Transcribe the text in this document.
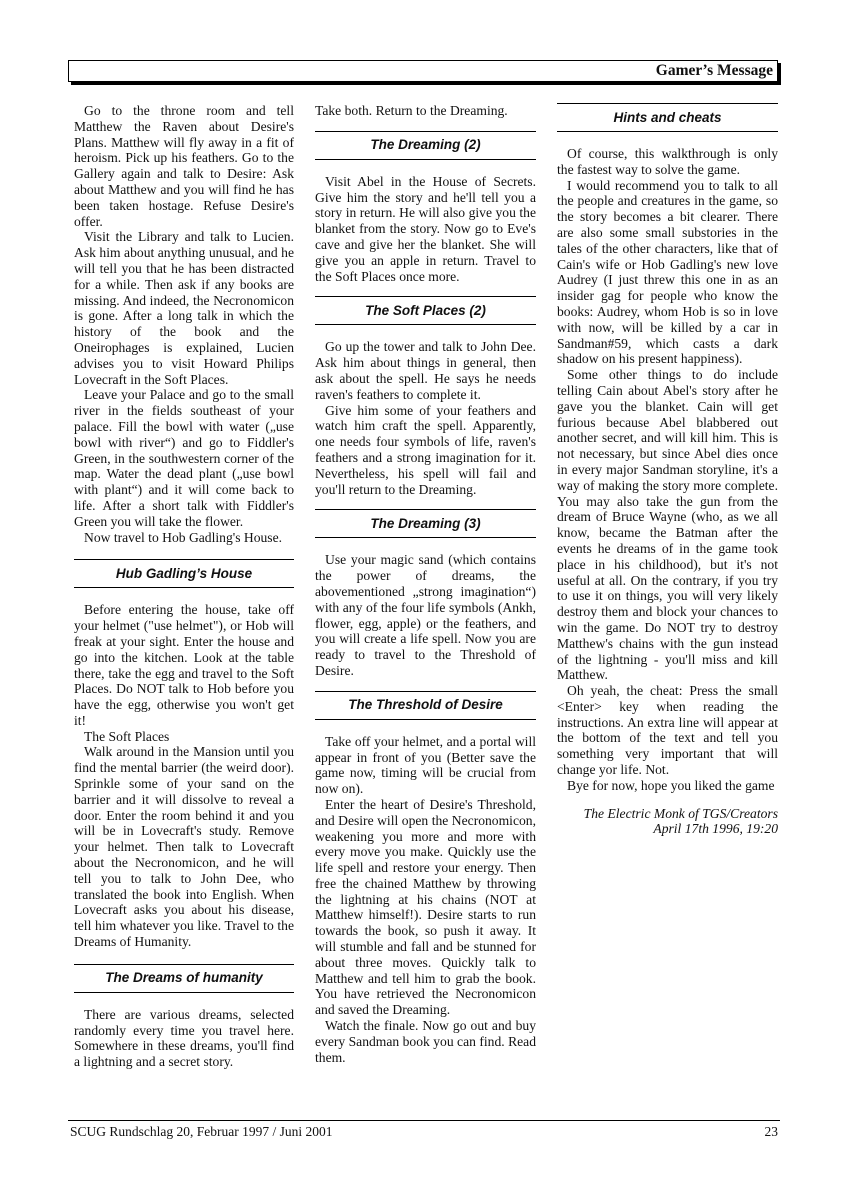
Gamer’s Message

Go to the throne room and tell Matthew the Raven about Desire's Plans. Matthew will fly away in a fit of heroism. Pick up his feathers. Go to the Gallery again and talk to Desire: Ask about Matthew and you will find he has been taken hostage. Refuse Desire's offer.

Visit the Library and talk to Lucien. Ask him about anything unusual, and he will tell you that he has been distracted for a while. Then ask if any books are missing. And indeed, the Necronomicon is gone. After a long talk in which the history of the book and the Oneirophages is explained, Lucien advises you to visit Howard Philips Lovecraft in the Soft Places.

Leave your Palace and go to the small river in the fields southeast of your palace. Fill the bowl with water („use bowl with river“) and go to Fiddler's Green, in the southwestern corner of the map. Water the dead plant („use bowl with plant“) and it will come back to life. After a short talk with Fiddler's Green you will take the flower.

Now travel to Hob Gadling's House.

Hub Gadling’s House

Before entering the house, take off your helmet ("use helmet"), or Hob will freak at your sight. Enter the house and go into the kitchen. Look at the table there, take the egg and travel to the Soft Places. Do NOT talk to Hob before you have the egg, otherwise you won't get it!

The Soft Places

Walk around in the Mansion until you find the mental barrier (the weird door). Sprinkle some of your sand on the barrier and it will dissolve to reveal a door. Enter the room behind it and you will be in Lovecraft's study. Remove your helmet. Then talk to Lovecraft about the Necronomicon, and he will tell you to talk to John Dee, who translated the book into English. When Lovecraft asks you about his disease, tell him whatever you like. Travel to the Dreams of Humanity.

The Dreams of humanity

There are various dreams, selected randomly every time you travel here. Somewhere in these dreams, you'll find a lightning and a secret story.

Take both. Return to the Dreaming.

The Dreaming (2)

Visit Abel in the House of Secrets. Give him the story and he'll tell you a story in return. He will also give you the blanket from the story. Now go to Eve's cave and give her the blanket. She will give you an apple in return. Travel to the Soft Places once more.

The Soft Places (2)

Go up the tower and talk to John Dee. Ask him about things in general, then ask about the spell. He says he needs raven's feathers to complete it.

Give him some of your feathers and watch him craft the spell. Apparently, one needs four symbols of life, raven's feathers and a strong imagination for it. Nevertheless, his spell will fail and you'll return to the Dreaming.

The Dreaming (3)

Use your magic sand (which contains the power of dreams, the abovementioned „strong imagination“) with any of the four life symbols (Ankh, flower, egg, apple) or the feathers, and you will create a life spell. Now you are ready to travel to the Threshold of Desire.

The Threshold of Desire

Take off your helmet, and a portal will appear in front of you (Better save the game now, timing will be crucial from now on).

Enter the heart of Desire's Threshold, and Desire will open the Necronomicon, weakening you more and more with every move you make. Quickly use the life spell and restore your energy. Then free the chained Matthew by throwing the lightning at his chains (NOT at Matthew himself!). Desire starts to run towards the book, so push it away. It will stumble and fall and be stunned for about three moves. Quickly talk to Matthew and tell him to grab the book. You have retrieved the Necronomicon and saved the Dreaming.

Watch the finale. Now go out and buy every Sandman book you can find. Read them.

Hints and cheats

Of course, this walkthrough is only the fastest way to solve the game.

I would recommend you to talk to all the people and creatures in the game, so the story becomes a bit clearer. There are also some small substories in the tales of the other characters, like that of Cain's wife or Hob Gadling's new love Audrey (I just threw this one in as an insider gag for people who know the books: Audrey, whom Hob is so in love with now, will be killed by a car in Sandman#59, which casts a dark shadow on his present happiness).

Some other things to do include telling Cain about Abel's story after he gave you the blanket. Cain will get furious because Abel blabbered out another secret, and will kill him. This is not necessary, but since Abel dies once in every major Sandman storyline, it's a way of making the story more complete. You may also take the gun from the dream of Bruce Wayne (who, as we all know, became the Batman after the events he dreams of in the game took place in his childhood), but it's not useful at all. On the contrary, if you try to use it on things, you will very likely destroy them and block your chances to win the game. Do NOT try to destroy Matthew's chains with the gun instead of the lightning - you'll miss and kill Matthew.

Oh yeah, the cheat: Press the small <Enter> key when reading the instructions. An extra line will appear at the bottom of the text and tell you something very important that will change yor life. Not.

Bye for now, hope you liked the game

The Electric Monk of TGS/Creators
April 17th 1996, 19:20
SCUG Rundschlag 20, Februar 1997 / Juni 2001	23
